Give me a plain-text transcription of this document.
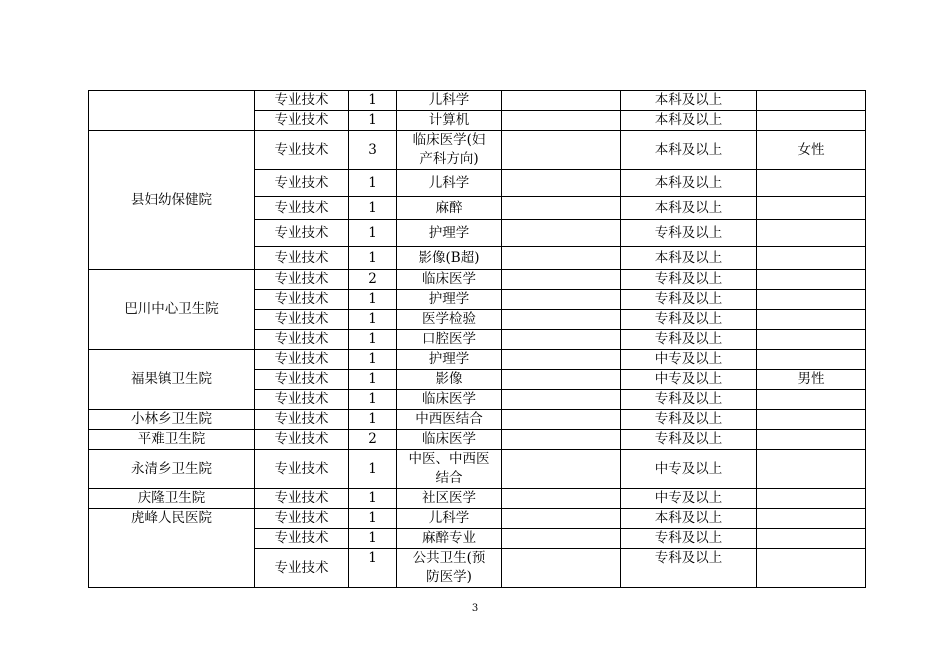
	专业技术	1	儿科学		本科及以上	
	专业技术	1	计算机		本科及以上	
县妇幼保健院	专业技术	3	临床医学(妇产科方向)		本科及以上	女性
	专业技术	1	儿科学		本科及以上	
	专业技术	1	麻醉		本科及以上	
	专业技术	1	护理学		专科及以上	
	专业技术	1	影像(B超)		本科及以上	
巴川中心卫生院	专业技术	2	临床医学		专科及以上	
	专业技术	1	护理学		专科及以上	
	专业技术	1	医学检验		专科及以上	
	专业技术	1	口腔医学		专科及以上	
福果镇卫生院	专业技术	1	护理学		中专及以上	
	专业技术	1	影像		中专及以上	男性
	专业技术	1	临床医学		专科及以上	
小林乡卫生院	专业技术	1	中西医结合		专科及以上	
平难卫生院	专业技术	2	临床医学		专科及以上	
永清乡卫生院	专业技术	1	中医、中西医结合		中专及以上	
庆隆卫生院	专业技术	1	社区医学		中专及以上	
虎峰人民医院	专业技术	1	儿科学		本科及以上	
	专业技术	1	麻醉专业		专科及以上	
	专业技术	1	公共卫生(预防医学)		专科及以上	
3
